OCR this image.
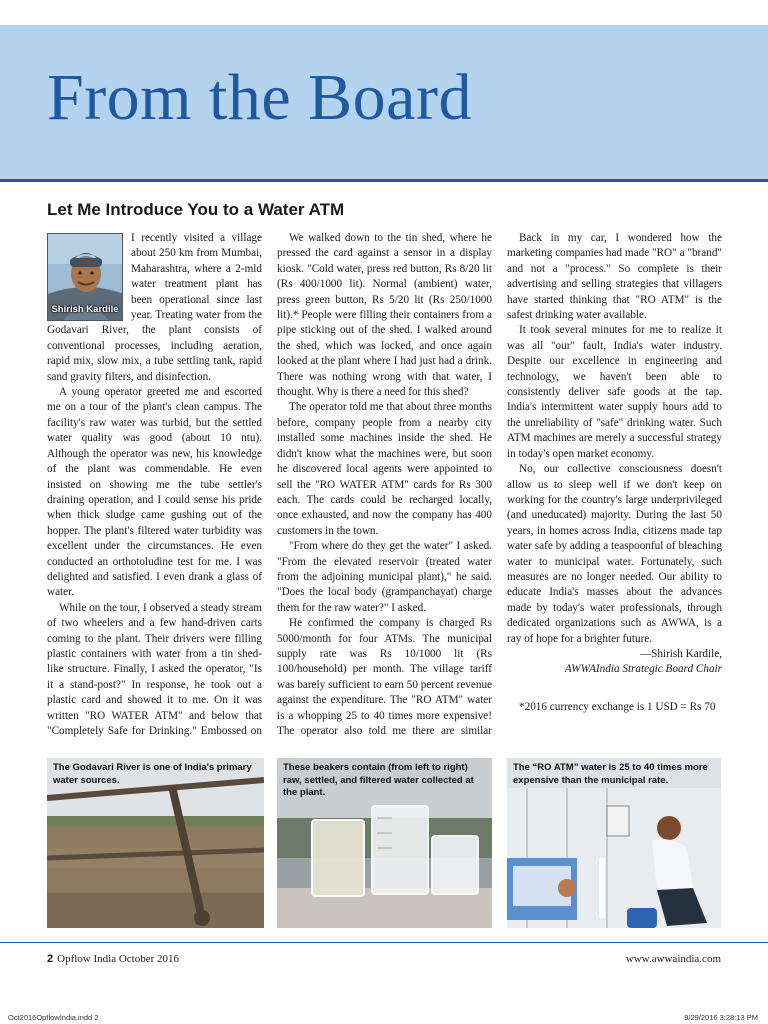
From the Board
Let Me Introduce You to a Water ATM
Shirish Kardile

I recently visited a village about 250 km from Mumbai, Maharashtra, where a 2-mld water treatment plant has been operational since last year. Treating water from the Godavari River, the plant consists of conventional processes, including aeration, rapid mix, slow mix, a tube settling tank, rapid sand gravity filters, and disinfection.

A young operator greeted me and escorted me on a tour of the plant's clean campus. The facility's raw water was turbid, but the settled water quality was good (about 10 ntu). Although the operator was new, his knowledge of the plant was commendable. He even insisted on showing me the tube settler's draining operation, and I could sense his pride when thick sludge came gushing out of the hopper. The plant's filtered water turbidity was excellent under the circumstances. He even conducted an orthotoludine test for me. I was delighted and satisfied. I even drank a glass of water.

While on the tour, I observed a steady stream of two wheelers and a few hand-driven carts coming to the plant. Their drivers were filling plastic containers with water from a tin shed-like structure. Finally, I asked the operator, "Is it a stand-post?" In response, he took out a plastic card and showed it to me. On it was written "RO WATER ATM" and below that "Completely Safe for Drinking." Embossed on

We walked down to the tin shed, where he pressed the card against a sensor in a display kiosk. "Cold water, press red button, Rs 8/20 lit (Rs 400/1000 lit). Normal (ambient) water, press green button, Rs 5/20 lit (Rs 250/1000 lit).* People were filling their containers from a pipe sticking out of the shed. I walked around the shed, which was locked, and once again looked at the plant where I had just had a drink. There was nothing wrong with that water, I thought. Why is there a need for this shed?

The operator told me that about three months before, company people from a nearby city installed some machines inside the shed. He didn't know what the machines were, but soon he discovered local agents were appointed to sell the "RO WATER ATM" cards for Rs 300 each. The cards could be recharged locally, once exhausted, and now the company has 400 customers in the town.

"From where do they get the water" I asked. "From the elevated reservoir (treated water from the adjoining municipal plant)," he said. "Does the local body (grampanchayat) charge them for the raw water?" I asked.

He confirmed the company is charged Rs 5000/month for four ATMs. The municipal supply rate was Rs 10/1000 lit (Rs 100/household) per month. The village tariff was barely sufficient to earn 50 percent revenue against the expenditure. The "RO ATM" water is a whopping 25 to 40 times more expensive! The operator also told me there are similar

Back in my car, I wondered how the marketing companies had made "RO" a "brand" and not a "process." So complete is their advertising and selling strategies that villagers have started thinking that "RO ATM" is the safest drinking water available.

It took several minutes for me to realize it was all "our" fault, India's water industry. Despite our excellence in engineering and technology, we haven't been able to consistently deliver safe goods at the tap. India's intermittent water supply hours add to the unreliability of "safe" drinking water. Such ATM machines are merely a successful strategy in today's open market economy.

No, our collective consciousness doesn't allow us to sleep well if we don't keep on working for the country's large underprivileged (and uneducated) majority. During the last 50 years, in homes across India, citizens made tap water safe by adding a teaspoonful of bleaching water to municipal water. Fortunately, such measures are no longer needed. Our ability to educate India's masses about the advances made by today's water professionals, through dedicated organizations such as AWWA, is a ray of hope for a brighter future.

—Shirish Kardile,
AWWAIndia Strategic Board Chair

*2016 currency exchange is 1 USD = Rs 70

The Godavari River is one of India's primary water sources.
These beakers contain (from left to right) raw, settled, and filtered water collected at the plant.
The “RO ATM” water is 25 to 40 times more expensive than the municipal rate.
2 Opflow India October 2016	www.awwaindia.com
Oct2016OpflowIndia.indd 2	9/29/2016 3:28:13 PM
